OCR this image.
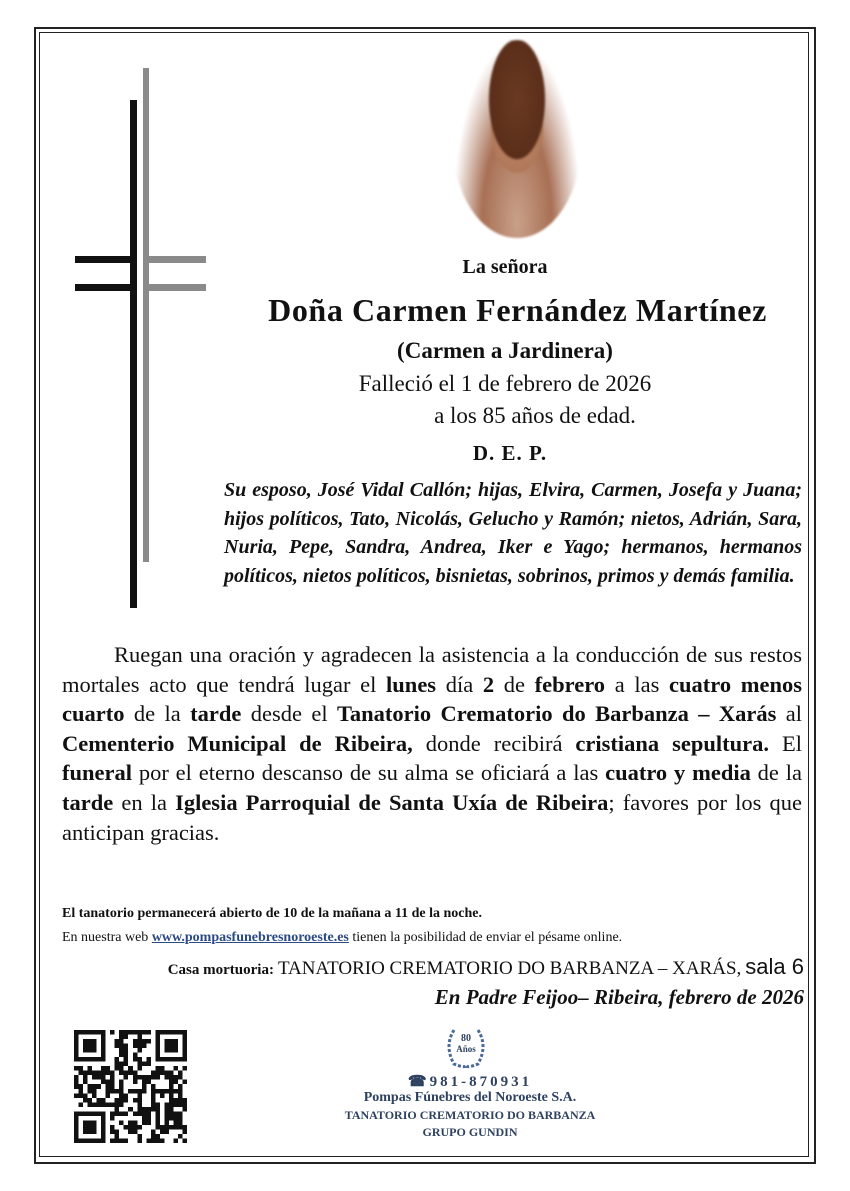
La señora
Doña Carmen Fernández Martínez
(Carmen a Jardinera)
Falleció el 1 de febrero de 2026
a los 85 años de edad.
D. E. P.
Su esposo, José Vidal Callón; hijas, Elvira, Carmen, Josefa y Juana; hijos políticos, Tato, Nicolás, Gelucho y Ramón; nietos, Adrián, Sara, Nuria, Pepe, Sandra, Andrea, Iker e Yago; hermanos, hermanos políticos, nietos políticos, bisnietas, sobrinos, primos y demás familia.
Ruegan una oración y agradecen la asistencia a la conducción de sus restos mortales acto que tendrá lugar el lunes día 2 de febrero a las cuatro menos cuarto de la tarde desde el Tanatorio Crematorio do Barbanza – Xarás al Cementerio Municipal de Ribeira, donde recibirá cristiana sepultura. El funeral por el eterno descanso de su alma se oficiará a las cuatro y media de la tarde en la Iglesia Parroquial de Santa Uxía de Ribeira; favores por los que anticipan gracias.
El tanatorio permanecerá abierto de 10 de la mañana a 11 de la noche.
En nuestra web www.pompasfunebresnoroeste.es tienen la posibilidad de enviar el pésame online.
Casa mortuoria: TANATORIO CREMATORIO DO BARBANZA – XARÁS, sala 6
En Padre Feijoo– Ribeira, febrero de 2026
80
Años
☎981-870931
Pompas Fúnebres del Noroeste S.A.
TANATORIO CREMATORIO DO BARBANZA
GRUPO GUNDIN
